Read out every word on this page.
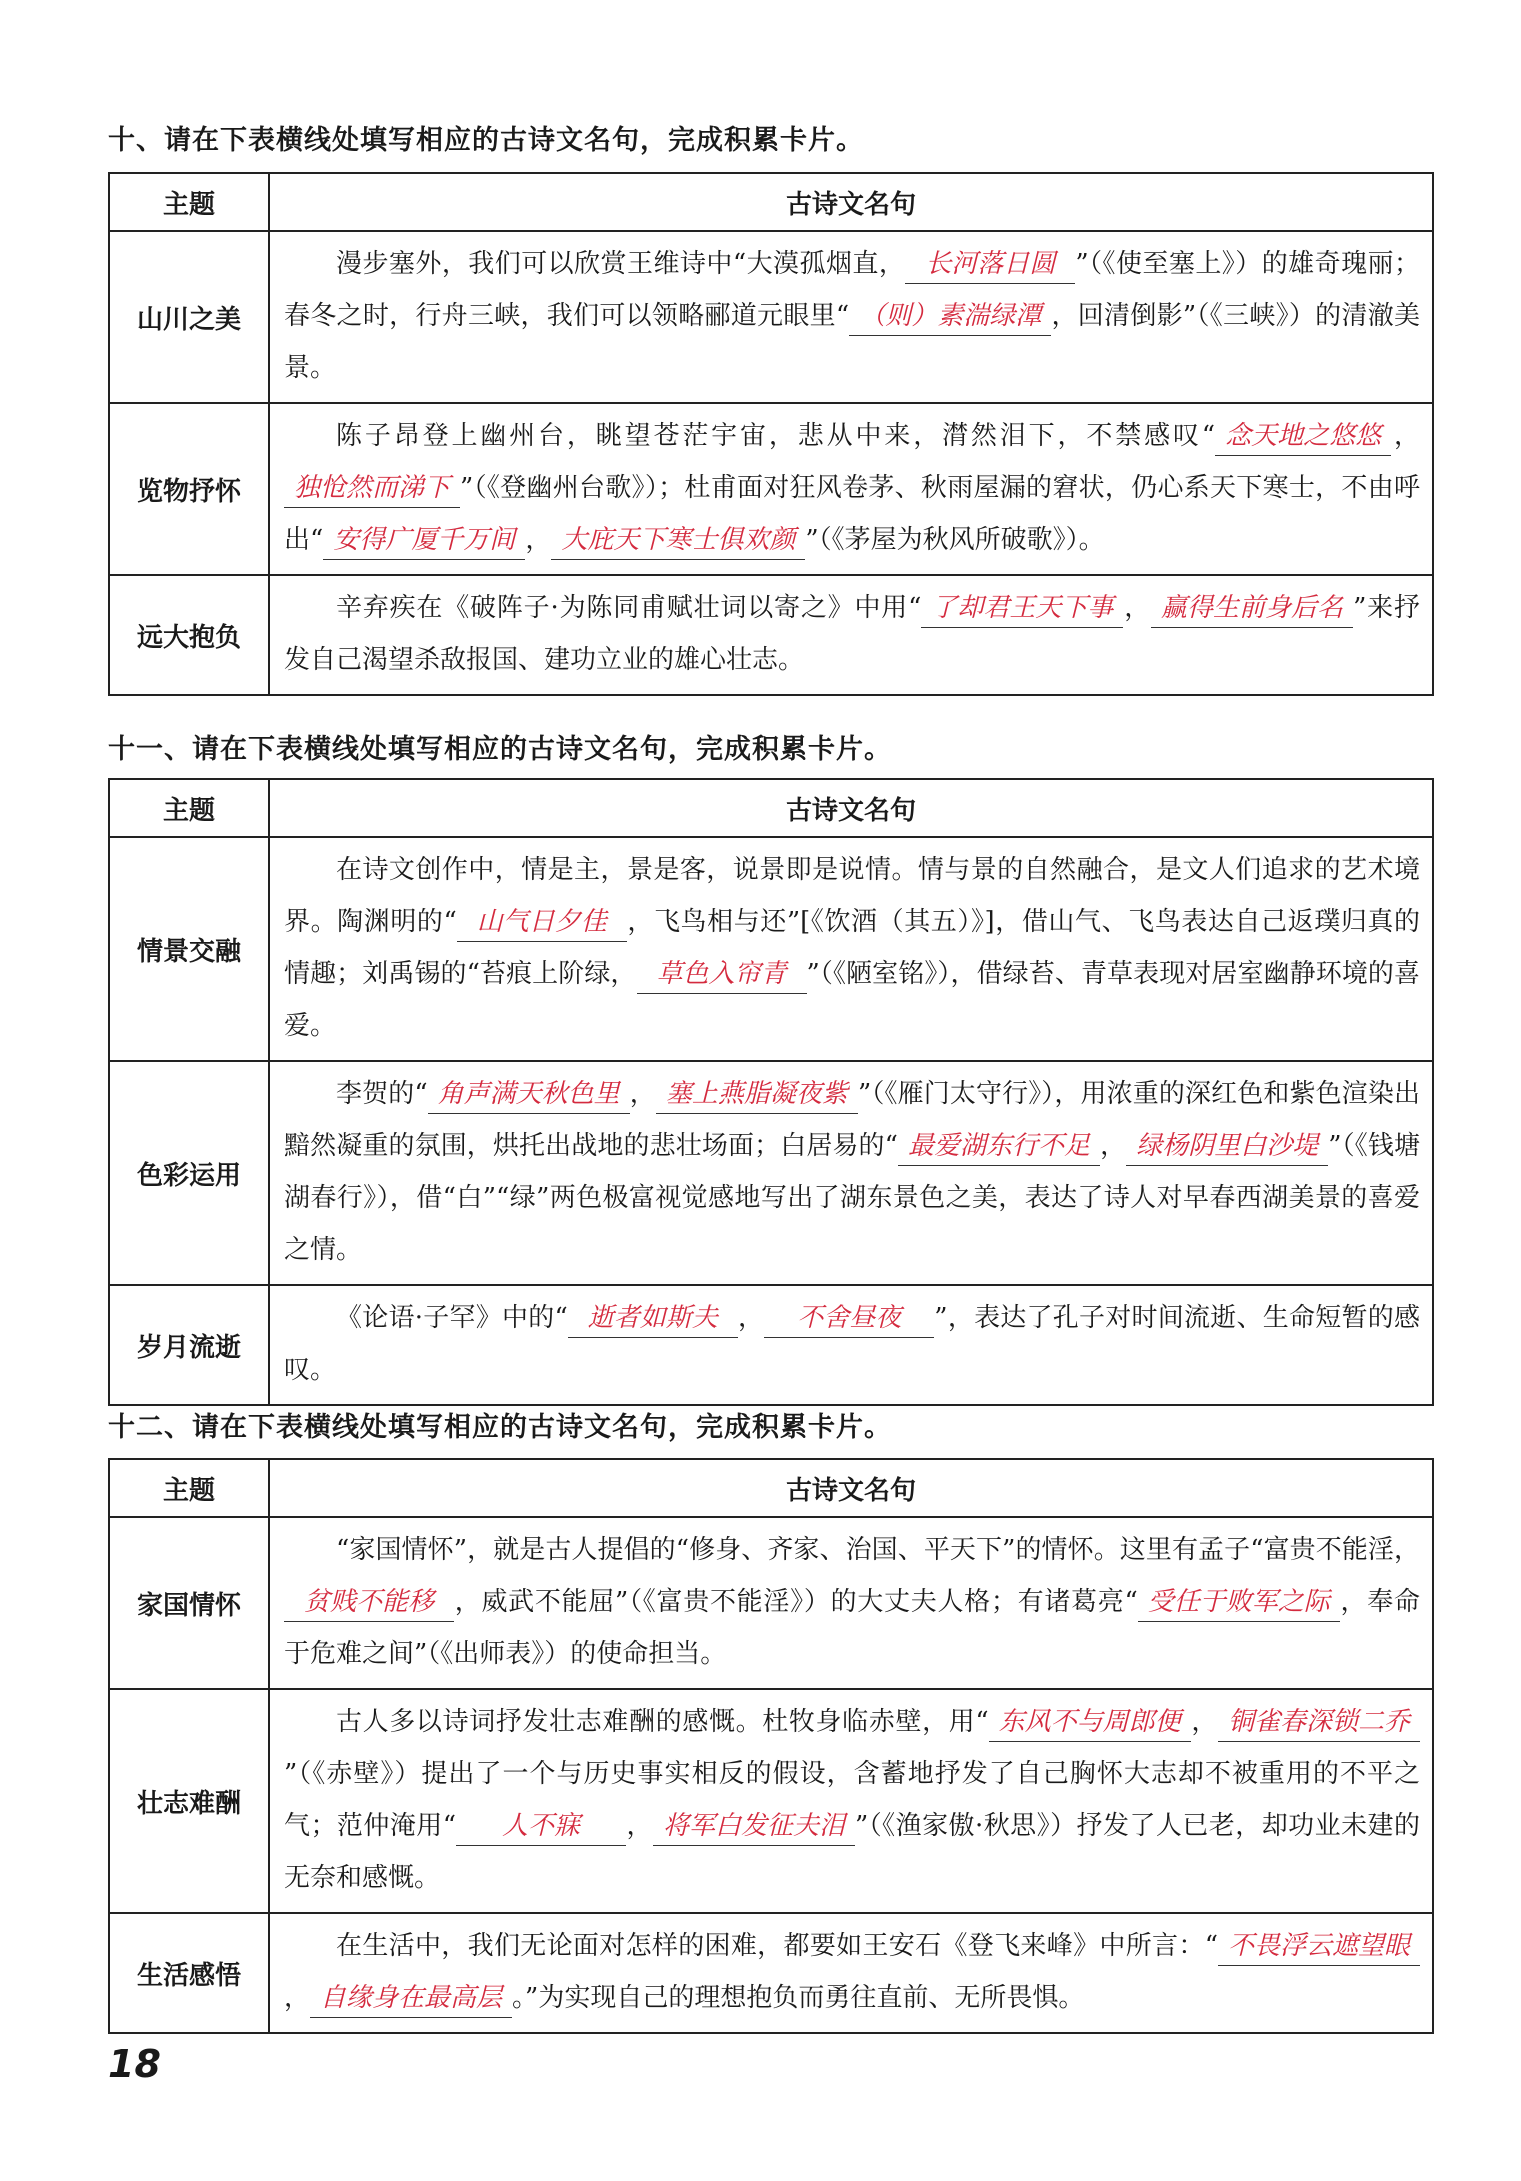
十、请在下表横线处填写相应的古诗文名句，完成积累卡片。
主题	古诗文名句
山川之美	漫步塞外，我们可以欣赏王维诗中“大漠孤烟直， 长河落日圆 ”（《使至塞上》）的雄奇瑰丽；春冬之时，行舟三峡，我们可以领略郦道元眼里“ （则）素湍绿潭 ，回清倒影”（《三峡》）的清澈美景。

览物抒怀	陈子昂登上幽州台，眺望苍茫宇宙，悲从中来，潸然泪下，不禁感叹“ 念天地之悠悠 ，独怆然而涕下 ”（《登幽州台歌》）；杜甫面对狂风卷茅、秋雨屋漏的窘状，仍心系天下寒士，不由呼出“ 安得广厦千万间 ， 大庇天下寒士俱欢颜 ”（《茅屋为秋风所破歌》）。

远大抱负	辛弃疾在《破阵子·为陈同甫赋壮词以寄之》中用“ 了却君王天下事 ， 赢得生前身后名 ”来抒发自己渴望杀敌报国、建功立业的雄心壮志。

十一、请在下表横线处填写相应的古诗文名句，完成积累卡片。
主题	古诗文名句
情景交融	在诗文创作中，情是主，景是客，说景即是说情。情与景的自然融合，是文人们追求的艺术境界。陶渊明的“ 山气日夕佳 ，飞鸟相与还”[《饮酒（其五）》]，借山气、飞鸟表达自己返璞归真的情趣；刘禹锡的“苔痕上阶绿， 草色入帘青 ”（《陋室铭》），借绿苔、青草表现对居室幽静环境的喜爱。

色彩运用	李贺的“ 角声满天秋色里 ， 塞上燕脂凝夜紫 ”（《雁门太守行》），用浓重的深红色和紫色渲染出黯然凝重的氛围，烘托出战地的悲壮场面；白居易的“ 最爱湖东行不足 ， 绿杨阴里白沙堤 ”（《钱塘湖春行》），借“白”“绿”两色极富视觉感地写出了湖东景色之美，表达了诗人对早春西湖美景的喜爱之情。

岁月流逝	《论语·子罕》中的“ 逝者如斯夫 ， 不舍昼夜 ”，表达了孔子对时间流逝、生命短暂的感叹。

十二、请在下表横线处填写相应的古诗文名句，完成积累卡片。
主题	古诗文名句
家国情怀	“家国情怀”，就是古人提倡的“修身、齐家、治国、平天下”的情怀。这里有孟子“富贵不能淫，贫贱不能移 ，威武不能屈”（《富贵不能淫》）的大丈夫人格；有诸葛亮“ 受任于败军之际 ，奉命于危难之间”（《出师表》）的使命担当。

壮志难酬	古人多以诗词抒发壮志难酬的感慨。杜牧身临赤壁，用“ 东风不与周郎便 ， 铜雀春深锁二乔”（《赤壁》）提出了一个与历史事实相反的假设，含蓄地抒发了自己胸怀大志却不被重用的不平之气；范仲淹用“ 人不寐 ， 将军白发征夫泪 ”（《渔家傲·秋思》）抒发了人已老，却功业未建的无奈和感慨。

生活感悟	在生活中，我们无论面对怎样的困难，都要如王安石《登飞来峰》中所言：“ 不畏浮云遮望眼， 自缘身在最高层 。”为实现自己的理想抱负而勇往直前、无所畏惧。

18
